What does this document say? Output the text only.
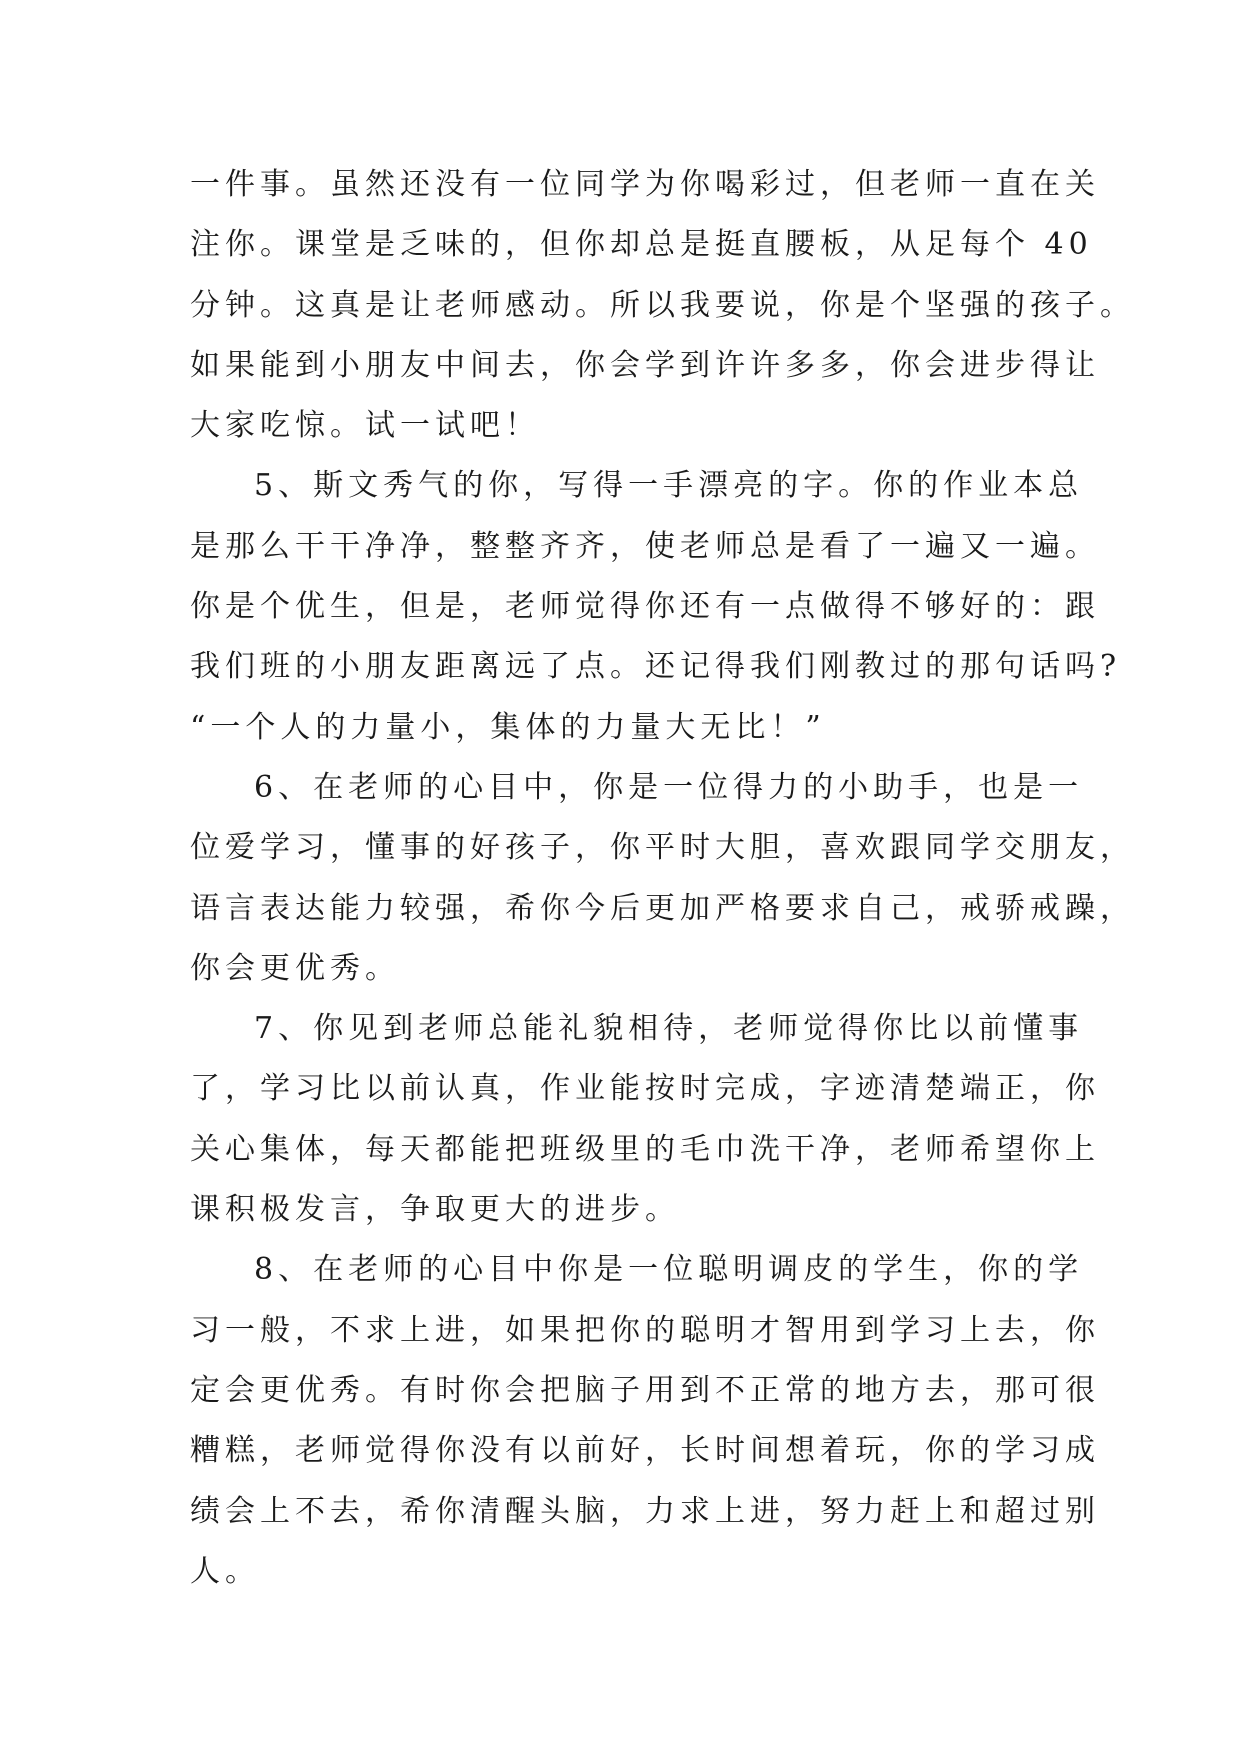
一件事。虽然还没有一位同学为你喝彩过，但老师一直在关
注你。课堂是乏味的，但你却总是挺直腰板，从足每个 40
分钟。这真是让老师感动。所以我要说，你是个坚强的孩子。
如果能到小朋友中间去，你会学到许许多多，你会进步得让
大家吃惊。试一试吧！
5、斯文秀气的你，写得一手漂亮的字。你的作业本总
是那么干干净净，整整齐齐，使老师总是看了一遍又一遍。
你是个优生，但是，老师觉得你还有一点做得不够好的：跟
我们班的小朋友距离远了点。还记得我们刚教过的那句话吗?
“一个人的力量小，集体的力量大无比！”
6、在老师的心目中，你是一位得力的小助手，也是一
位爱学习，懂事的好孩子，你平时大胆，喜欢跟同学交朋友，
语言表达能力较强，希你今后更加严格要求自己，戒骄戒躁，
你会更优秀。
7、你见到老师总能礼貌相待，老师觉得你比以前懂事
了，学习比以前认真，作业能按时完成，字迹清楚端正，你
关心集体，每天都能把班级里的毛巾洗干净，老师希望你上
课积极发言，争取更大的进步。
8、在老师的心目中你是一位聪明调皮的学生，你的学
习一般，不求上进，如果把你的聪明才智用到学习上去，你
定会更优秀。有时你会把脑子用到不正常的地方去，那可很
糟糕，老师觉得你没有以前好，长时间想着玩，你的学习成
绩会上不去，希你清醒头脑，力求上进，努力赶上和超过别
人。
